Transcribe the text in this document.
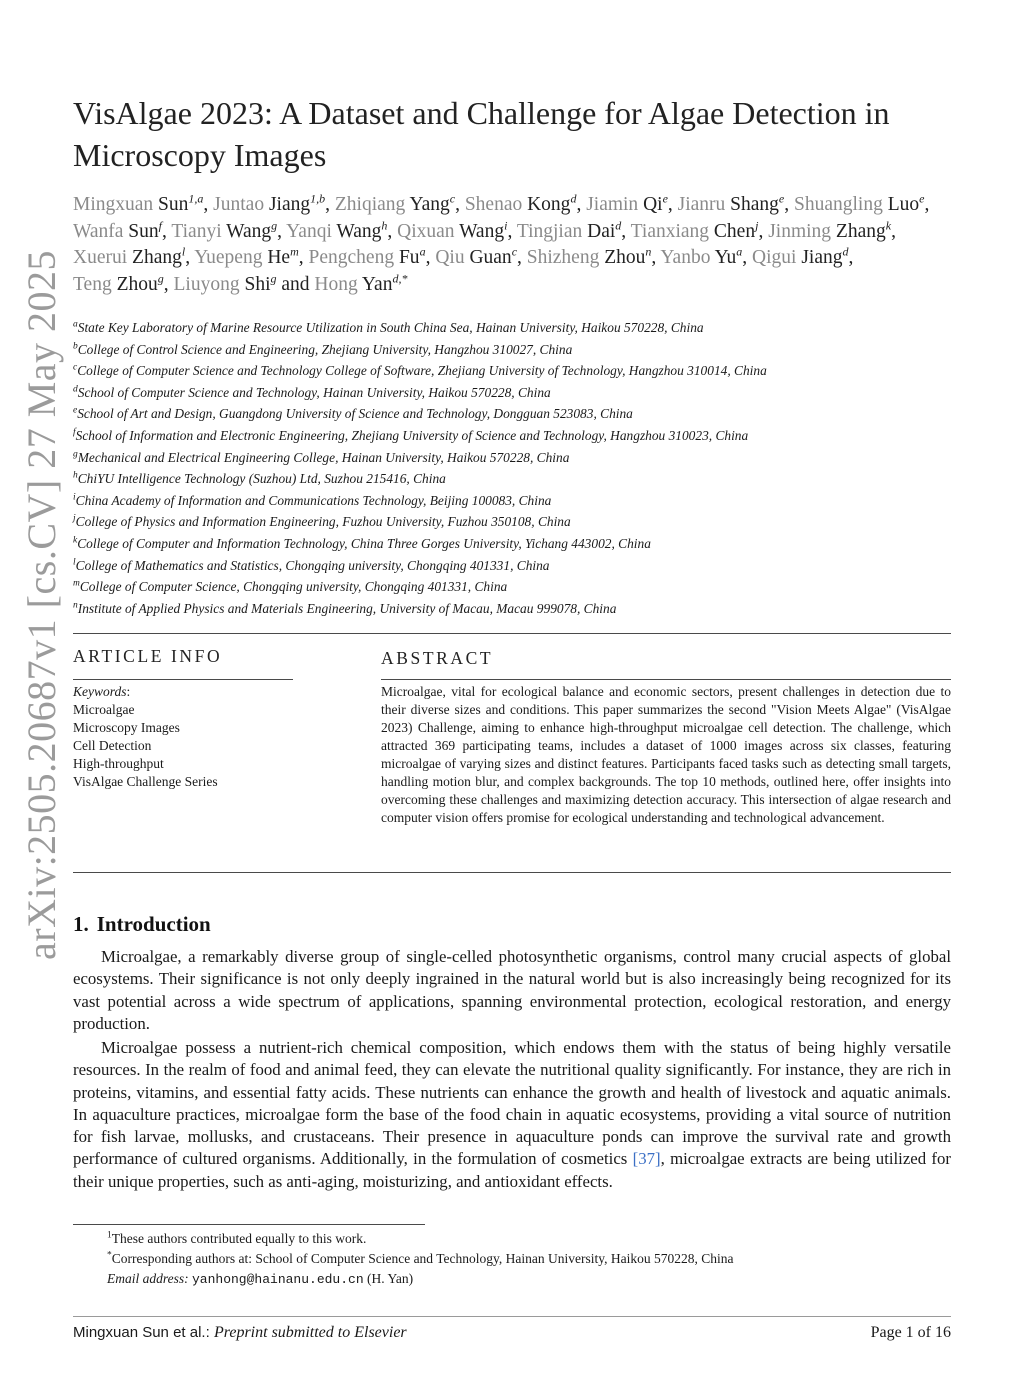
arXiv:2505.20687v1 [cs.CV] 27 May 2025
VisAlgae 2023: A Dataset and Challenge for Algae Detection in Microscopy Images
Mingxuan Sun$^{1,a}$, Juntao Jiang$^{1,b}$, Zhiqiang Yang$^c$, Shenao Kong$^d$, Jiamin Qi$^e$, Jianru Shang$^e$, Shuangling Luo$^e$, Wanfa Sun$^f$, Tianyi Wang$^g$, Yanqi Wang$^h$, Qixuan Wang$^i$, Tingjian Dai$^d$, Tianxiang Chen$^j$, Jinming Zhang$^k$, Xuerui Zhang$^l$, Yuepeng He$^m$, Pengcheng Fu$^a$, Qiu Guan$^c$, Shizheng Zhou$^n$, Yanbo Yu$^a$, Qigui Jiang$^d$, Teng Zhou$^g$, Liuyong Shi$^g$ and Hong Yan$^{d,*}$
$^a$State Key Laboratory of Marine Resource Utilization in South China Sea, Hainan University, Haikou 570228, China
$^b$College of Control Science and Engineering, Zhejiang University, Hangzhou 310027, China
$^c$College of Computer Science and Technology College of Software, Zhejiang University of Technology, Hangzhou 310014, China
$^d$School of Computer Science and Technology, Hainan University, Haikou 570228, China
$^e$School of Art and Design, Guangdong University of Science and Technology, Dongguan 523083, China
$^f$School of Information and Electronic Engineering, Zhejiang University of Science and Technology, Hangzhou 310023, China
$^g$Mechanical and Electrical Engineering College, Hainan University, Haikou 570228, China
$^h$ChiYU Intelligence Technology (Suzhou) Ltd, Suzhou 215416, China
$^i$China Academy of Information and Communications Technology, Beijing 100083, China
$^j$College of Physics and Information Engineering, Fuzhou University, Fuzhou 350108, China
$^k$College of Computer and Information Technology, China Three Gorges University, Yichang 443002, China
$^l$College of Mathematics and Statistics, Chongqing university, Chongqing 401331, China
$^m$College of Computer Science, Chongqing university, Chongqing 401331, China
$^n$Institute of Applied Physics and Materials Engineering, University of Macau, Macau 999078, China
ARTICLE INFO	ABSTRACT
Keywords:
Microalgae
Microscopy Images
Cell Detection
High-throughput
VisAlgae Challenge Series
Microalgae, vital for ecological balance and economic sectors, present challenges in detection due to their diverse sizes and conditions. This paper summarizes the second "Vision Meets Algae" (VisAlgae 2023) Challenge, aiming to enhance high-throughput microalgae cell detection. The challenge, which attracted 369 participating teams, includes a dataset of 1000 images across six classes, featuring microalgae of varying sizes and distinct features. Participants faced tasks such as detecting small targets, handling motion blur, and complex backgrounds. The top 10 methods, outlined here, offer insights into overcoming these challenges and maximizing detection accuracy. This intersection of algae research and computer vision offers promise for ecological understanding and technological advancement.
1. Introduction

Microalgae, a remarkably diverse group of single-celled photosynthetic organisms, control many crucial aspects of global ecosystems. Their significance is not only deeply ingrained in the natural world but is also increasingly being recognized for its vast potential across a wide spectrum of applications, spanning environmental protection, ecological restoration, and energy production.

Microalgae possess a nutrient-rich chemical composition, which endows them with the status of being highly versatile resources. In the realm of food and animal feed, they can elevate the nutritional quality significantly. For instance, they are rich in proteins, vitamins, and essential fatty acids. These nutrients can enhance the growth and health of livestock and aquatic animals. In aquaculture practices, microalgae form the base of the food chain in aquatic ecosystems, providing a vital source of nutrition for fish larvae, mollusks, and crustaceans. Their presence in aquaculture ponds can improve the survival rate and growth performance of cultured organisms. Additionally, in the formulation of cosmetics [37], microalgae extracts are being utilized for their unique properties, such as anti-aging, moisturizing, and antioxidant effects.

$^1$These authors contributed equally to this work.
*Corresponding authors at: School of Computer Science and Technology, Hainan University, Haikou 570228, China
Email address: yanhong@hainanu.edu.cn (H. Yan)
Mingxuan Sun et al.: Preprint submitted to Elsevier	Page 1 of 16
